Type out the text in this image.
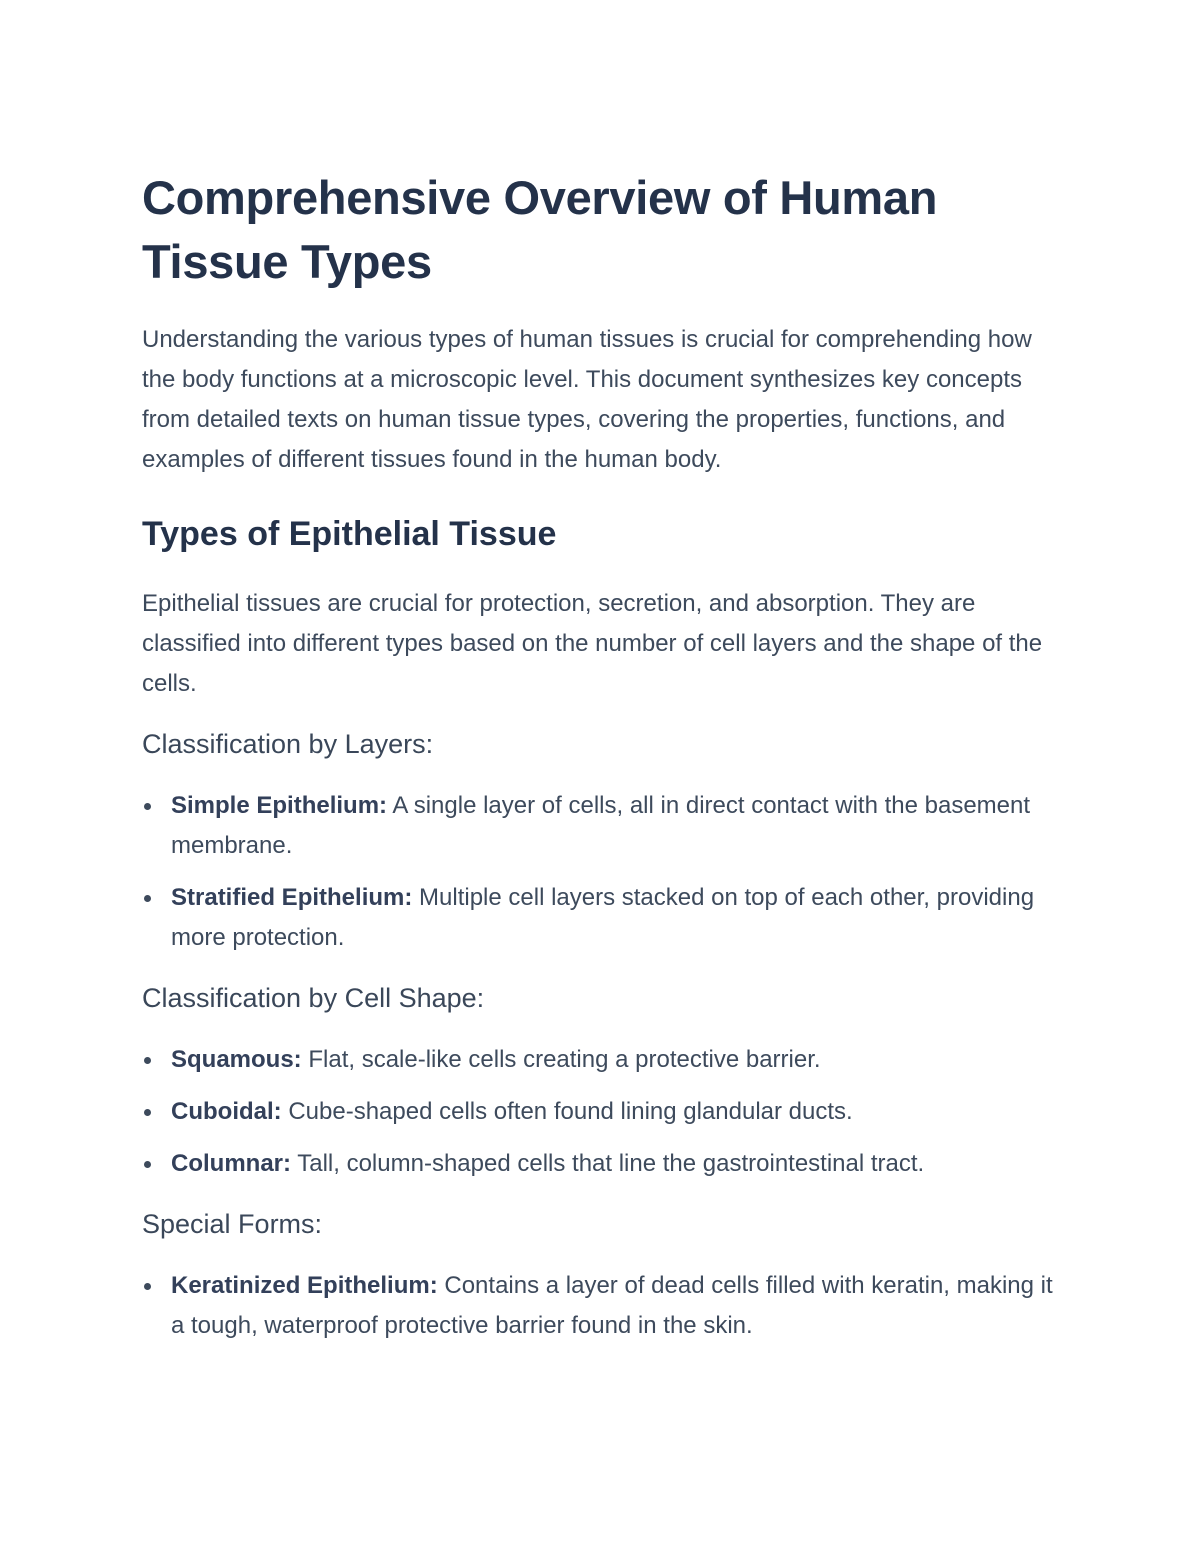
Comprehensive Overview of Human Tissue Types

Understanding the various types of human tissues is crucial for comprehending how the body functions at a microscopic level. This document synthesizes key concepts from detailed texts on human tissue types, covering the properties, functions, and examples of different tissues found in the human body.

Types of Epithelial Tissue

Epithelial tissues are crucial for protection, secretion, and absorption. They are classified into different types based on the number of cell layers and the shape of the cells.

Classification by Layers:
Simple Epithelium: A single layer of cells, all in direct contact with the basement membrane.
Stratified Epithelium: Multiple cell layers stacked on top of each other, providing more protection.
Classification by Cell Shape:
Squamous: Flat, scale-like cells creating a protective barrier.
Cuboidal: Cube-shaped cells often found lining glandular ducts.
Columnar: Tall, column-shaped cells that line the gastrointestinal tract.
Special Forms:
Keratinized Epithelium: Contains a layer of dead cells filled with keratin, making it a tough, waterproof protective barrier found in the skin.
